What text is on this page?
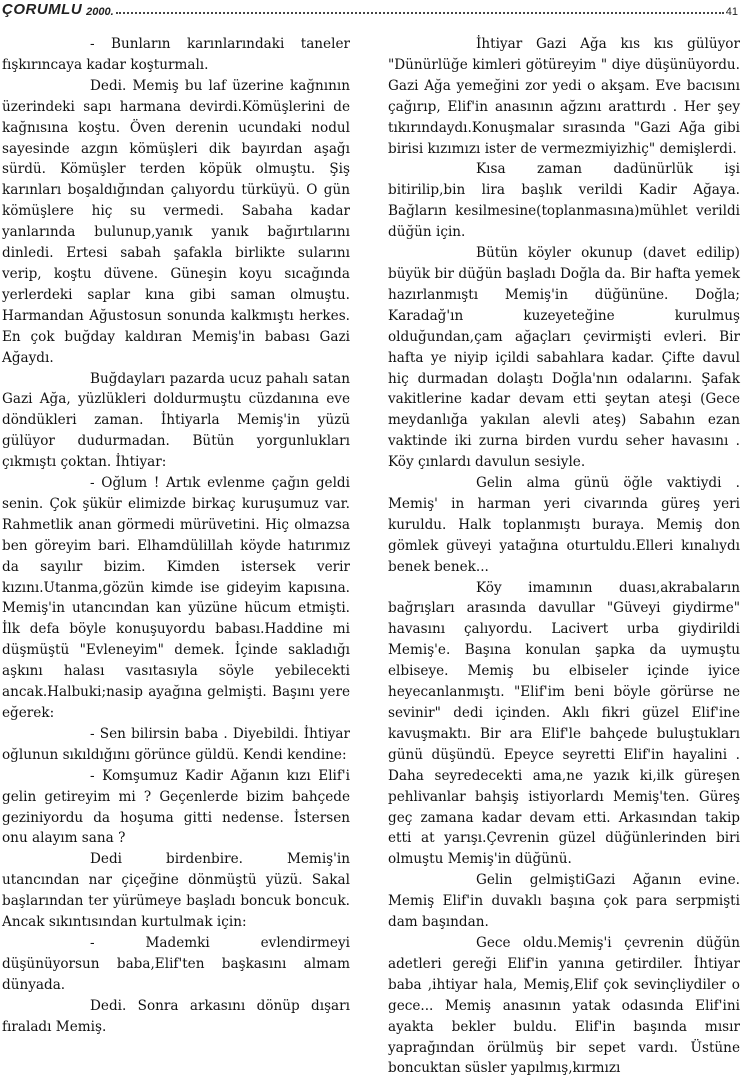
ÇORUMLU 2000.	41

- Bunların karınlarındaki taneler fışkırıncaya kadar koşturmalı.

Dedi. Memiş bu laf üzerine kağnının üzerindeki sapı harmana devirdi.Kömüşlerini de kağnısına koştu. Öven derenin ucundaki nodul sayesinde azgın kömüşleri dik bayırdan aşağı sürdü. Kömüşler terden köpük olmuştu. Şiş karınları boşaldığından çalıyordu türküyü. O gün kömüşlere hiç su vermedi. Sabaha kadar yanlarında bulunup,yanık yanık bağırtılarını dinledi. Ertesi sabah şafakla birlikte sularını verip, koştu düvene. Güneşin koyu sıcağında yerlerdeki saplar kına gibi saman olmuştu. Harmandan Ağustosun sonunda kalkmıştı herkes. En çok buğday kaldıran Memiş'in babası Gazi Ağaydı.

Buğdayları pazarda ucuz pahalı satan Gazi Ağa, yüzlükleri doldurmuştu cüzdanına eve döndükleri zaman. İhtiyarla Memiş'in yüzü gülüyor dudurmadan. Bütün yorgunlukları çıkmıştı çoktan. İhtiyar:

- Oğlum ! Artık evlenme çağın geldi senin. Çok şükür elimizde birkaç kuruşumuz var. Rahmetlik anan görmedi mürüvetini. Hiç olmazsa ben göreyim bari. Elhamdülillah köyde hatırımız da sayılır bizim. Kimden istersek verir kızını.Utanma,gözün kimde ise gideyim kapısına. Memiş'in utancından kan yüzüne hücum etmişti. İlk defa böyle konuşuyordu babası.Haddine mi düşmüştü "Evleneyim" demek. İçinde sakladığı aşkını halası vasıtasıyla söyle yebilecekti ancak.Halbuki;nasip ayağına gelmişti. Başını yere eğerek:

- Sen bilirsin baba . Diyebildi. İhtiyar oğlunun sıkıldığını görünce güldü. Kendi kendine:

- Komşumuz Kadir Ağanın kızı Elif'i gelin getireyim mi ? Geçenlerde bizim bahçede geziniyordu da hoşuma gitti nedense. İstersen onu alayım sana ?

Dedi birdenbire. Memiş'in utancından nar çiçeğine dönmüştü yüzü. Sakal başlarından ter yürümeye başladı boncuk boncuk. Ancak sıkıntısından kurtulmak için:

- Mademki evlendirmeyi düşünüyorsun baba,Elif'ten başkasını almam dünyada.

Dedi. Sonra arkasını dönüp dışarı fıraladı Memiş.

İhtiyar Gazi Ağa kıs kıs gülüyor "Dünürlüğe kimleri götüreyim " diye düşünüyordu. Gazi Ağa yemeğini zor yedi o akşam. Eve bacısını çağırıp, Elif'in anasının ağzını arattırdı . Her şey tıkırındaydı.Konuşmalar sırasında "Gazi Ağa gibi birisi kızımızı ister de vermezmiyizhiç" demişlerdi.

Kısa zaman dadünürlük işi bitirilip,bin lira başlık verildi Kadir Ağaya. Bağların kesilmesine(toplanmasına)mühlet verildi düğün için.

Bütün köyler okunup (davet edilip) büyük bir düğün başladı Doğla da. Bir hafta yemek hazırlanmıştı Memiş'in düğününe. Doğla; Karadağ'ın kuzeyeteğine kurulmuş olduğundan,çam ağaçları çevirmişti evleri. Bir hafta ye niyip içildi sabahlara kadar. Çifte davul hiç durmadan dolaştı Doğla'nın odalarını. Şafak vakitlerine kadar devam etti şeytan ateşi (Gece meydanlığa yakılan alevli ateş) Sabahın ezan vaktinde iki zurna birden vurdu seher havasını . Köy çınlardı davulun sesiyle.

Gelin alma günü öğle vaktiydi . Memiş' in harman yeri civarında güreş yeri kuruldu. Halk toplanmıştı buraya. Memiş don gömlek güveyi yatağına oturtuldu.Elleri kınalıydı benek benek...

Köy imamının duası,akrabaların bağrışları arasında davullar "Güveyi giydirme" havasını çalıyordu. Lacivert urba giydirildi Memiş'e. Başına konulan şapka da uymuştu elbiseye. Memiş bu elbiseler içinde iyice heyecanlanmıştı. "Elif'im beni böyle görürse ne sevinir" dedi içinden. Aklı fikri güzel Elif'ine kavuşmaktı. Bir ara Elif'le bahçede buluştukları günü düşündü. Epeyce seyretti Elif'in hayalini . Daha seyredecekti ama,ne yazık ki,ilk güreşen pehlivanlar bahşiş istiyorlardı Memiş'ten. Güreş geç zamana kadar devam etti. Arkasından takip etti at yarışı.Çevrenin güzel düğünlerinden biri olmuştu Memiş'in düğünü.

Gelin gelmiştiGazi Ağanın evine. Memiş Elif'in duvaklı başına çok para serpmişti dam başından.

Gece oldu.Memiş'i çevrenin düğün adetleri gereği Elif'in yanına getirdiler. İhtiyar baba ,ihtiyar hala, Memiş,Elif çok sevinçliydiler o gece... Memiş anasının yatak odasında Elif'ini ayakta bekler buldu. Elif'in başında mısır yaprağından örülmüş bir sepet vardı. Üstüne boncuktan süsler yapılmış,kırmızı
